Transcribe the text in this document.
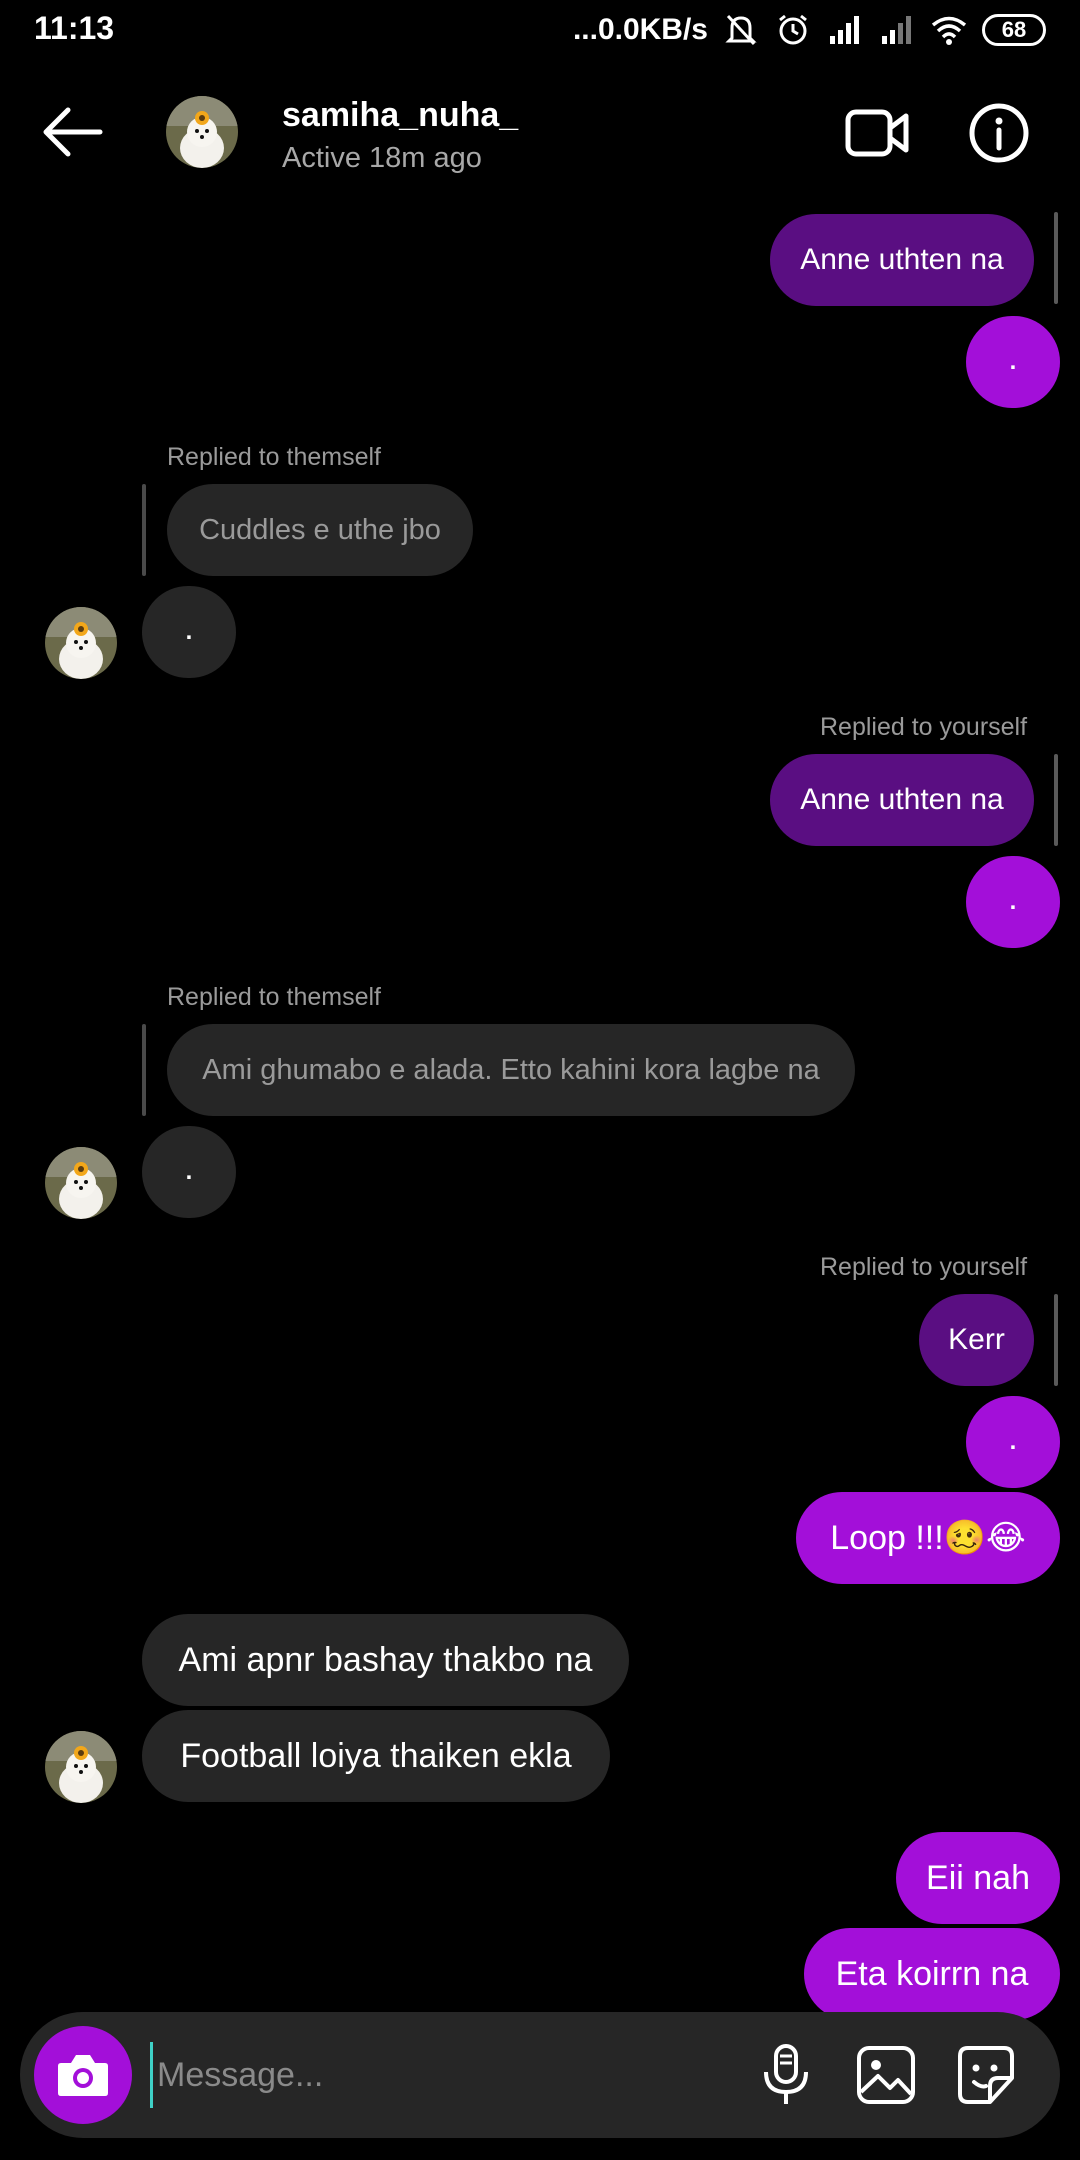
11:13	...0.0KB/s	68
samiha_nuha_
Active 18m ago
Anne uthten na
.
Replied to themself
Cuddles e uthe jbo
.
Replied to yourself
Anne uthten na
.
Replied to themself
Ami ghumabo e alada. Etto kahini kora lagbe na
.
Replied to yourself
Kerr
.
Loop !!!🥴😂
Ami apnr bashay thakbo na
Football loiya thaiken ekla
Eii nah
Eta koirrn na
Message...
